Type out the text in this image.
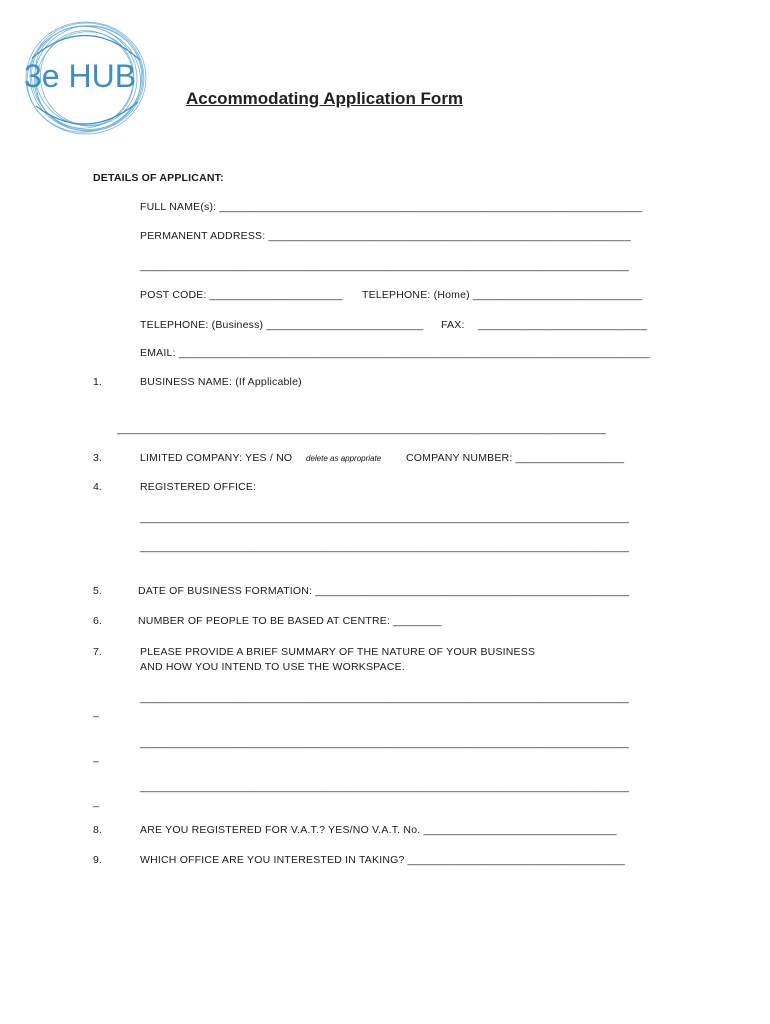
3e HUB
Accommodating Application Form
DETAILS OF APPLICANT:
FULL NAME(s): ______________________________________________________________________
PERMANENT ADDRESS: ____________________________________________________________
_________________________________________________________________________________
POST CODE: ______________________ TELEPHONE: (Home) ____________________________
TELEPHONE: (Business) __________________________ FAX: ____________________________
EMAIL: ______________________________________________________________________________
1.	BUSINESS NAME: (If Applicable)
_________________________________________________________________________________
3.	LIMITED COMPANY: YES / NO delete as appropriate COMPANY NUMBER: __________________
4.	REGISTERED OFFICE:
_________________________________________________________________________________
_________________________________________________________________________________
5.	DATE OF BUSINESS FORMATION: ____________________________________________________
6.	NUMBER OF PEOPLE TO BE BASED AT CENTRE: ________
7.	PLEASE PROVIDE A BRIEF SUMMARY OF THE NATURE OF YOUR BUSINESS
AND HOW YOU INTEND TO USE THE WORKSPACE.
_________________________________________________________________________________
_
_________________________________________________________________________________
_
_________________________________________________________________________________
_
8.	ARE YOU REGISTERED FOR V.A.T.? YES/NO V.A.T. No. ________________________________
9.	WHICH OFFICE ARE YOU INTERESTED IN TAKING? ____________________________________
